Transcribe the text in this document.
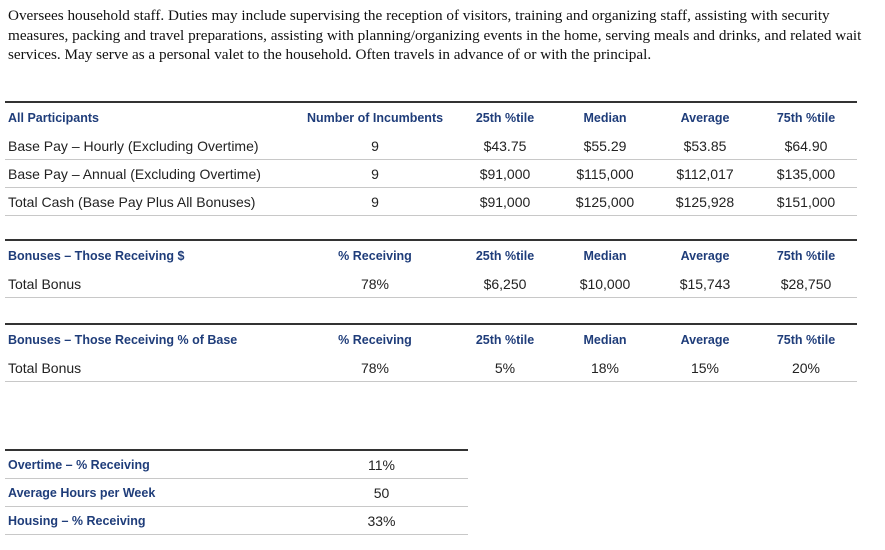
Oversees household staff. Duties may include supervising the reception of visitors, training and organizing staff, assisting with security measures, packing and travel preparations, assisting with planning/organizing events in the home, serving meals and drinks, and related wait services. May serve as a personal valet to the household. Often travels in advance of or with the principal.

All Participants	Number of Incumbents	25th %tile	Median	Average	75th %tile
Base Pay – Hourly (Excluding Overtime)	9	$43.75	$55.29	$53.85	$64.90
Base Pay – Annual (Excluding Overtime)	9	$91,000	$115,000	$112,017	$135,000
Total Cash (Base Pay Plus All Bonuses)	9	$91,000	$125,000	$125,928	$151,000
Bonuses – Those Receiving $	% Receiving	25th %tile	Median	Average	75th %tile
Total Bonus	78%	$6,250	$10,000	$15,743	$28,750
Bonuses – Those Receiving % of Base	% Receiving	25th %tile	Median	Average	75th %tile
Total Bonus	78%	5%	18%	15%	20%
Overtime – % Receiving	11%
Average Hours per Week	50
Housing – % Receiving	33%
